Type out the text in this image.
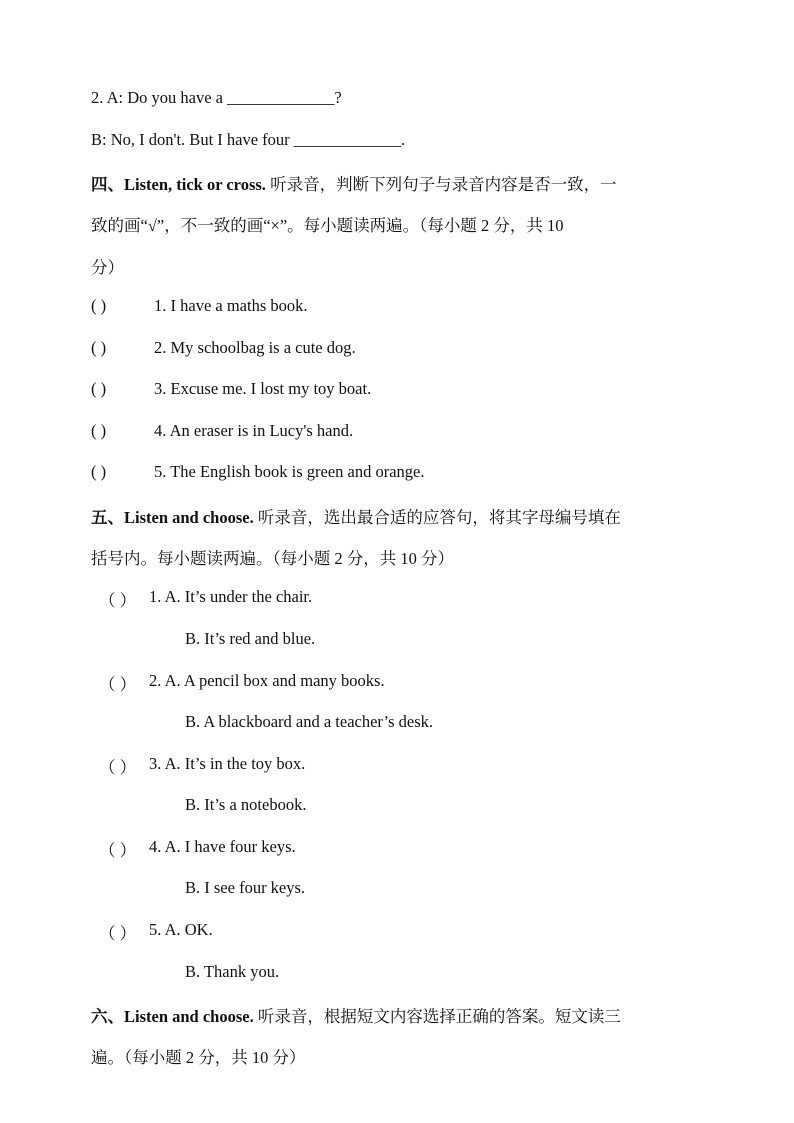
2. A: Do you have a _____________?
B: No, I don't. But I have four _____________.
四、Listen, tick or cross. 听录音，判断下列句子与录音内容是否一致，一
致的画“√”，不一致的画“×”。每小题读两遍。（每小题 2 分，共 10
分）
( )	1. I have a maths book.
( )	2. My schoolbag is a cute dog.
( )	3. Excuse me. I lost my toy boat.
( )	4. An eraser is in Lucy's hand.
( )	5. The English book is green and orange.
五、Listen and choose. 听录音，选出最合适的应答句，将其字母编号填在
括号内。每小题读两遍。（每小题 2 分，共 10 分）
（ ） 1. A. It’s under the chair.
B. It’s red and blue.
（ ） 2. A. A pencil box and many books.
B. A blackboard and a teacher’s desk.
（ ） 3. A. It’s in the toy box.
B. It’s a notebook.
（ ） 4. A. I have four keys.
B. I see four keys.
（ ） 5. A. OK.
B. Thank you.
六、Listen and choose. 听录音，根据短文内容选择正确的答案。短文读三
遍。（每小题 2 分，共 10 分）
